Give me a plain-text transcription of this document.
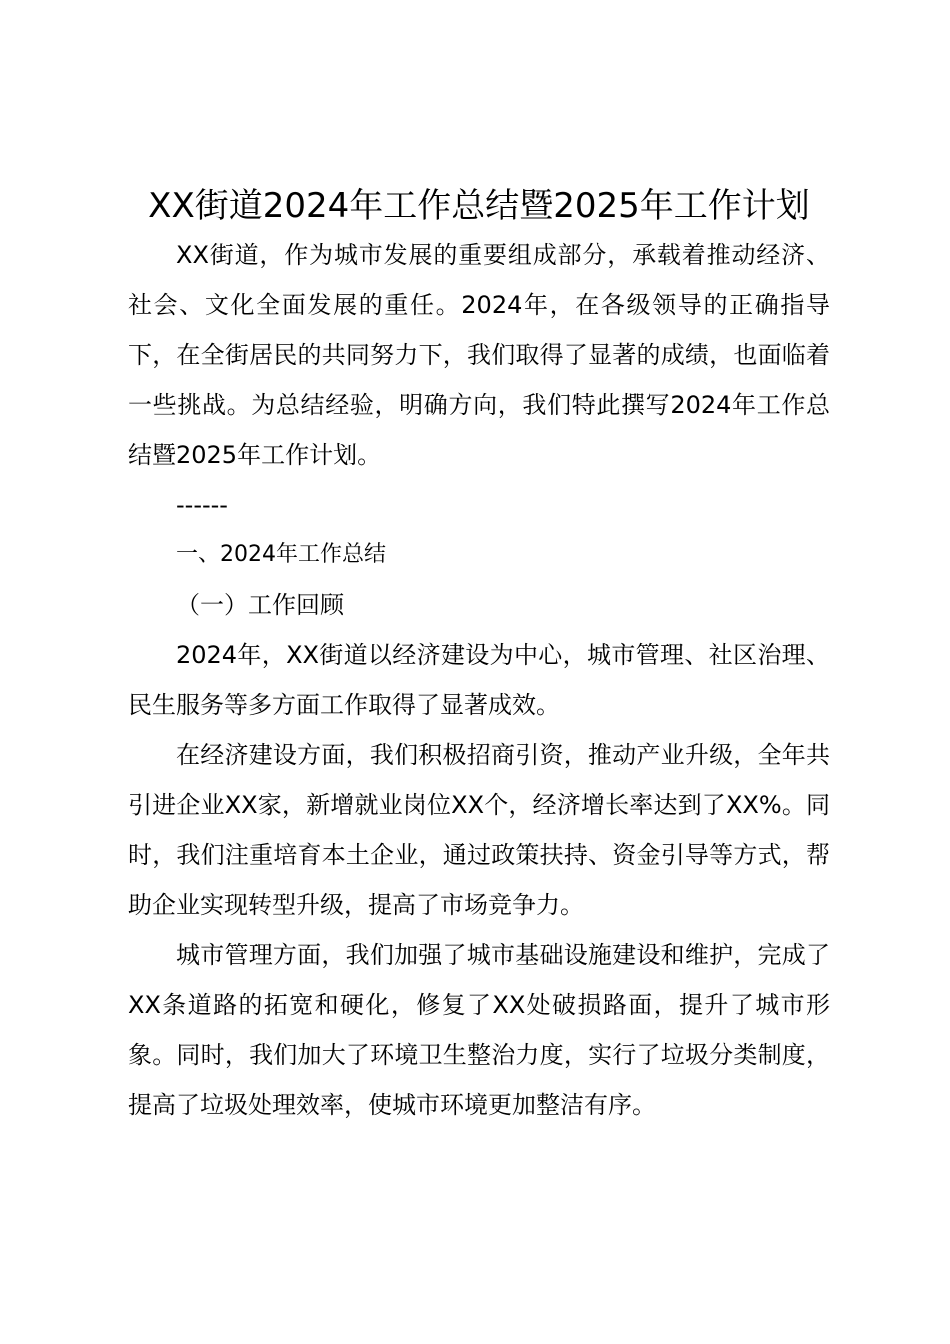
XX街道2024年工作总结暨2025年工作计划

XX街道，作为城市发展的重要组成部分，承载着推动经济、社会、文化全面发展的重任。2024年，在各级领导的正确指导下，在全街居民的共同努力下，我们取得了显著的成绩，也面临着一些挑战。为总结经验，明确方向，我们特此撰写2024年工作总结暨2025年工作计划。

------

一、2024年工作总结

（一）工作回顾

2024年，XX街道以经济建设为中心，城市管理、社区治理、民生服务等多方面工作取得了显著成效。

在经济建设方面，我们积极招商引资，推动产业升级，全年共引进企业XX家，新增就业岗位XX个，经济增长率达到了XX%。同时，我们注重培育本土企业，通过政策扶持、资金引导等方式，帮助企业实现转型升级，提高了市场竞争力。

城市管理方面，我们加强了城市基础设施建设和维护，完成了XX条道路的拓宽和硬化，修复了XX处破损路面，提升了城市形象。同时，我们加大了环境卫生整治力度，实行了垃圾分类制度，提高了垃圾处理效率，使城市环境更加整洁有序。
